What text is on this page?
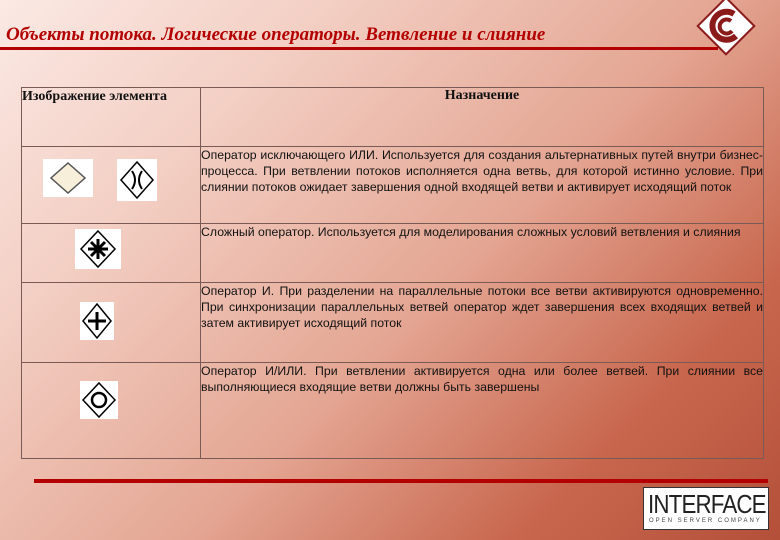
Объекты потока. Логические операторы. Ветвление и слияние
Изображение элемента	Назначение

	Оператор исключающего ИЛИ. Используется для создания альтернативных путей внутри бизнес-процесса. При ветвлении потоков исполняется одна ветвь, для которой истинно условие. При слиянии потоков ожидает завершения одной входящей ветви и активирует исходящий поток

	Сложный оператор. Используется для моделирования сложных условий ветвления и слияния

	Оператор И. При разделении на параллельные потоки все ветви активируются одновременно. При синхронизации параллельных ветвей оператор ждет завершения всех входящих ветвей и затем активирует исходящий поток

	Оператор И/ИЛИ. При ветвлении активируется одна или более ветвей. При слиянии все выполняющиеся входящие ветви должны быть завершены
INTERFACE
OPEN SERVER COMPANY
